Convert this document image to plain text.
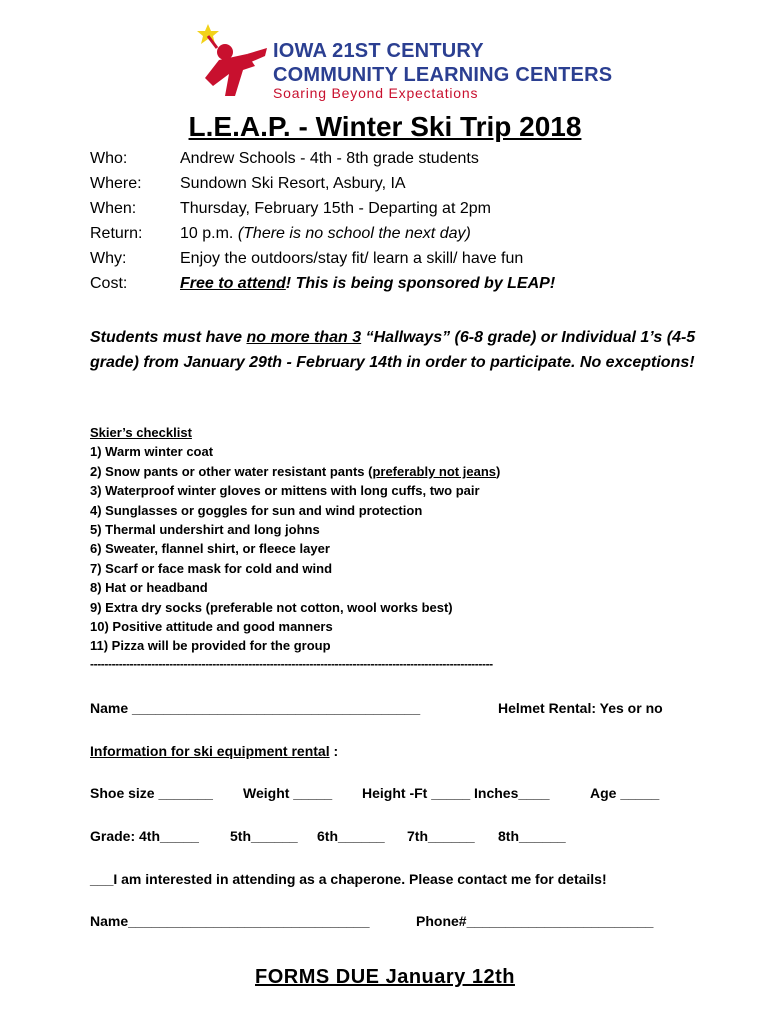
IOWA 21ST CENTURY
COMMUNITY LEARNING CENTERS
Soaring Beyond Expectations
L.E.A.P. - Winter Ski Trip 2018
Who:	Andrew Schools - 4th - 8th grade students
Where: Sundown Ski Resort, Asbury, IA
When:	Thursday, February 15th - Departing at 2pm
Return: 10 p.m. (There is no school the next day)
Why:	Enjoy the outdoors/stay fit/ learn a skill/ have fun
Cost:	Free to attend! This is being sponsored by LEAP!
Students must have no more than 3 “Hallways” (6-8 grade) or Individual 1’s (4-5 grade) from January 29th - February 14th in order to participate. No exceptions!
Skier’s checklist
1) Warm winter coat
2) Snow pants or other water resistant pants (preferably not jeans)
3) Waterproof winter gloves or mittens with long cuffs, two pair
4) Sunglasses or goggles for sun and wind protection
5) Thermal undershirt and long johns
6) Sweater, flannel shirt, or fleece layer
7) Scarf or face mask for cold and wind
8) Hat or headband
9) Extra dry socks (preferable not cotton, wool works best)
10) Positive attitude and good manners
11) Pizza will be provided for the group
----------------------------------------------------------------------------------------------------------------
Name _____________________________________	Helmet Rental: Yes or no
Information for ski equipment rental :
Shoe size _______ Weight _____ Height -Ft _____ Inches____	Age _____
Grade: 4th_____ 5th______ 6th______ 7th______ 8th______
___I am interested in attending as a chaperone. Please contact me for details!
Name_______________________________	Phone#________________________
FORMS DUE January 12th
